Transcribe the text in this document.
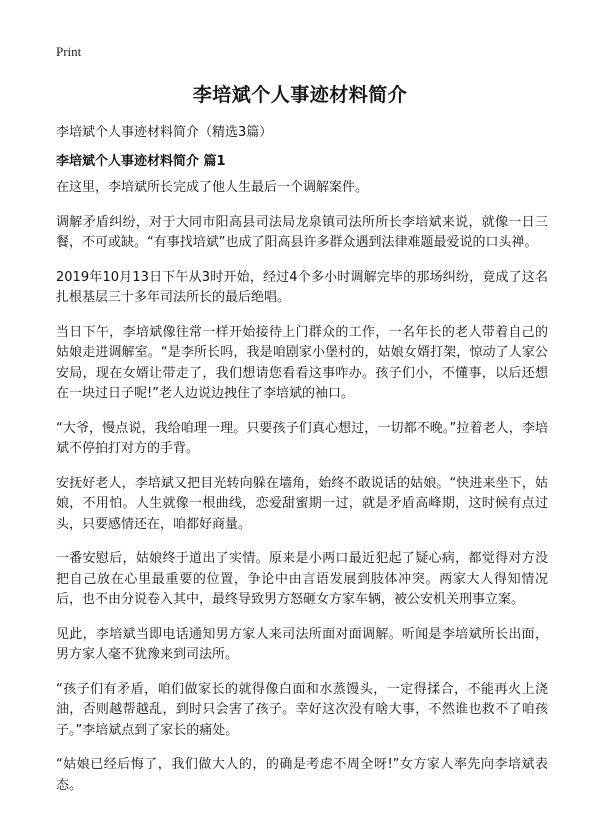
Print
李培斌个人事迹材料简介
李培斌个人事迹材料简介（精选3篇）
李培斌个人事迹材料简介 篇1

在这里，李培斌所长完成了他人生最后一个调解案件。

调解矛盾纠纷，对于大同市阳高县司法局龙泉镇司法所所长李培斌来说，就像一日三餐，不可或缺。“有事找培斌”也成了阳高县许多群众遇到法律难题最爱说的口头禅。

2019年10月13日下午从3时开始，经过4个多小时调解完毕的那场纠纷，竟成了这名扎根基层三十多年司法所长的最后绝唱。

当日下午，李培斌像往常一样开始接待上门群众的工作，一名年长的老人带着自己的姑娘走进调解室。“是李所长吗，我是咱剧家小堡村的，姑娘女婿打架，惊动了人家公安局，现在女婿让带走了，我们想请您看看这事咋办。孩子们小，不懂事，以后还想在一块过日子呢!”老人边说边拽住了李培斌的袖口。

“大爷，慢点说，我给咱理一理。只要孩子们真心想过，一切都不晚。”拉着老人，李培斌不停拍打对方的手背。

安抚好老人，李培斌又把目光转向躲在墙角，始终不敢说话的姑娘。“快进来坐下，姑娘，不用怕。人生就像一根曲线，恋爱甜蜜期一过，就是矛盾高峰期，这时候有点过头，只要感情还在，咱都好商量。

一番安慰后，姑娘终于道出了实情。原来是小两口最近犯起了疑心病，都觉得对方没把自己放在心里最重要的位置，争论中由言语发展到肢体冲突。两家大人得知情况后，也不由分说卷入其中，最终导致男方怒砸女方家车辆，被公安机关刑事立案。

见此，李培斌当即电话通知男方家人来司法所面对面调解。听闻是李培斌所长出面，男方家人毫不犹豫来到司法所。

“孩子们有矛盾，咱们做家长的就得像白面和水蒸馒头，一定得揉合，不能再火上浇油，否则越帮越乱，到时只会害了孩子。幸好这次没有啥大事，不然谁也救不了咱孩子。”李培斌点到了家长的痛处。

“姑娘已经后悔了，我们做大人的，的确是考虑不周全呀!”女方家人率先向李培斌表态。
